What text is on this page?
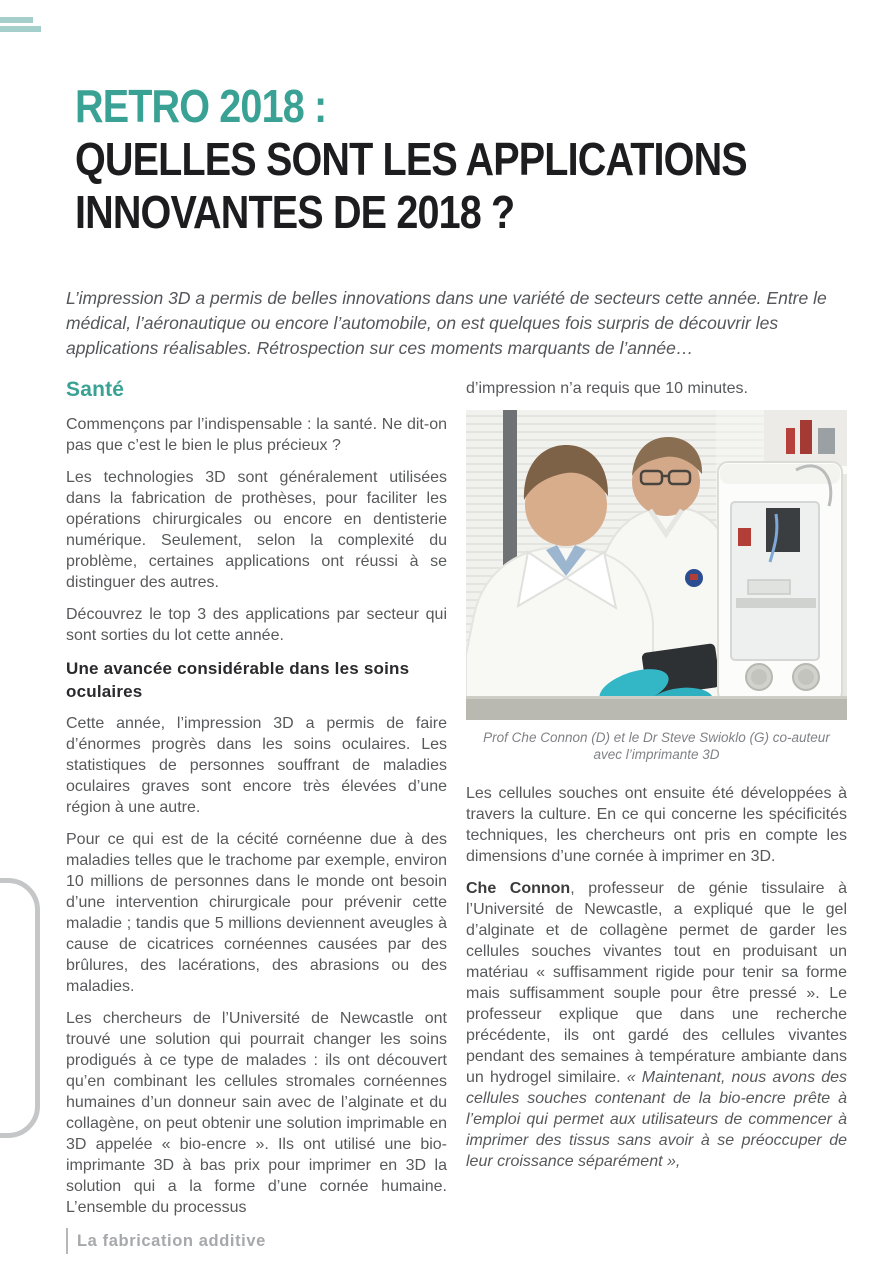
RETRO 2018 :
QUELLES SONT LES APPLICATIONS
INNOVANTES DE 2018 ?

L’impression 3D a permis de belles innovations dans une variété de secteurs cette année. Entre le médical, l’aéronautique ou encore l’automobile, on est quelques fois surpris de découvrir les applications réalisables. Rétrospection sur ces moments marquants de l’année…

Santé

Commençons par l’indispensable : la santé. Ne dit-on pas que c’est le bien le plus précieux ?

Les technologies 3D sont généralement utilisées dans la fabrication de prothèses, pour faciliter les opérations chirurgicales ou encore en dentisterie numérique. Seulement, selon la complexité du problème, certaines applications ont réussi à se distinguer des autres.

Découvrez le top 3 des applications par secteur qui sont sorties du lot cette année.

Une avancée considérable dans les soins oculaires

Cette année, l’impression 3D a permis de faire d’énormes progrès dans les soins oculaires. Les statistiques de personnes souffrant de maladies oculaires graves sont encore très élevées d’une région à une autre.

Pour ce qui est de la cécité cornéenne due à des maladies telles que le trachome par exemple, environ 10 millions de personnes dans le monde ont besoin d’une intervention chirurgicale pour prévenir cette maladie ; tandis que 5 millions deviennent aveugles à cause de cicatrices cornéennes causées par des brûlures, des lacérations, des abrasions ou des maladies.

Les chercheurs de l’Université de Newcastle ont trouvé une solution qui pourrait changer les soins prodigués à ce type de malades : ils ont découvert qu’en combinant les cellules stromales cornéennes humaines d’un donneur sain avec de l’alginate et du collagène, on peut obtenir une solution imprimable en 3D appelée « bio-encre ». Ils ont utilisé une bio-imprimante 3D à bas prix pour imprimer en 3D la solution qui a la forme d’une cornée humaine. L’ensemble du processus

d’impression n’a requis que 10 minutes.

Prof Che Connon (D) et le Dr Steve Swioklo (G) co-auteur avec l’imprimante 3D

Les cellules souches ont ensuite été développées à travers la culture. En ce qui concerne les spécificités techniques, les chercheurs ont pris en compte les dimensions d’une cornée à imprimer en 3D.

Che Connon, professeur de génie tissulaire à l’Université de Newcastle, a expliqué que le gel d’alginate et de collagène permet de garder les cellules souches vivantes tout en produisant un matériau « suffisamment rigide pour tenir sa forme mais suffisamment souple pour être pressé ». Le professeur explique que dans une recherche précédente, ils ont gardé des cellules vivantes pendant des semaines à température ambiante dans un hydrogel similaire. « Maintenant, nous avons des cellules souches contenant de la bio-encre prête à l’emploi qui permet aux utilisateurs de commencer à imprimer des tissus sans avoir à se préoccuper de leur croissance séparément »,

La fabrication additive
